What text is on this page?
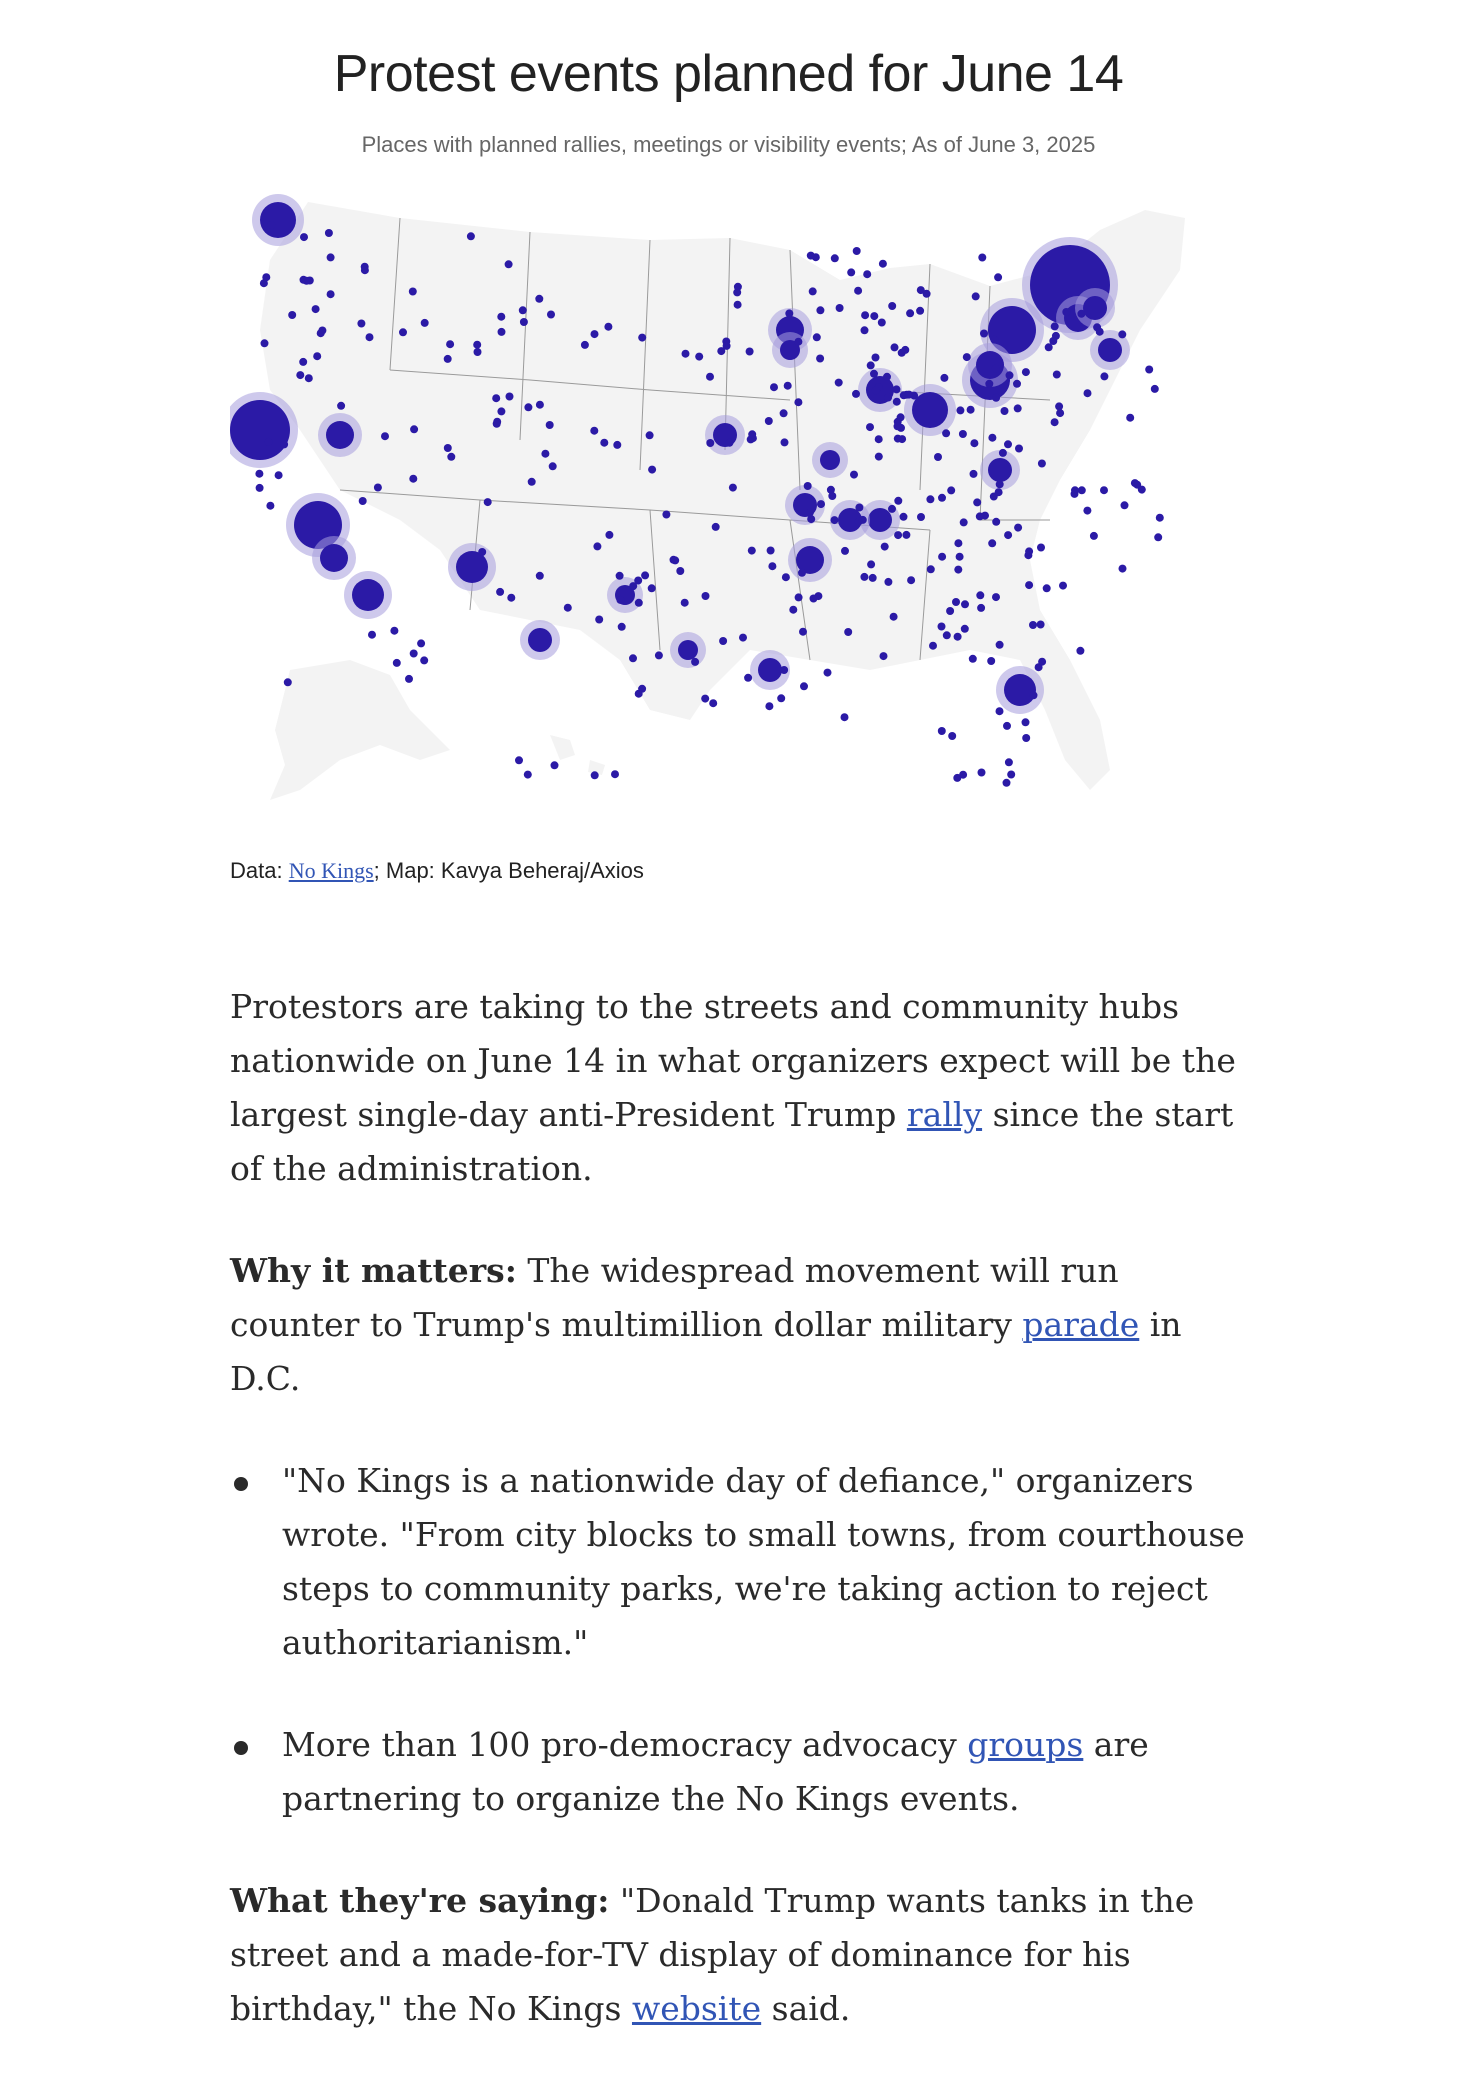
Protest events planned for June 14
Places with planned rallies, meetings or visibility events; As of June 3, 2025
Data: No Kings; Map: Kavya Beheraj/Axios

Protestors are taking to the streets and community hubs nationwide on June 14 in what organizers expect will be the largest single-day anti-President Trump rally since the start of the administration.

Why it matters: The widespread movement will run counter to Trump's multimillion dollar military parade in D.C.

"No Kings is a nationwide day of defiance," organizers wrote. "From city blocks to small towns, from courthouse steps to community parks, we're taking action to reject authoritarianism."
More than 100 pro-democracy advocacy groups are partnering to organize the No Kings events.

What they're saying: "Donald Trump wants tanks in the street and a made-for-TV display of dominance for his birthday," the No Kings website said.
